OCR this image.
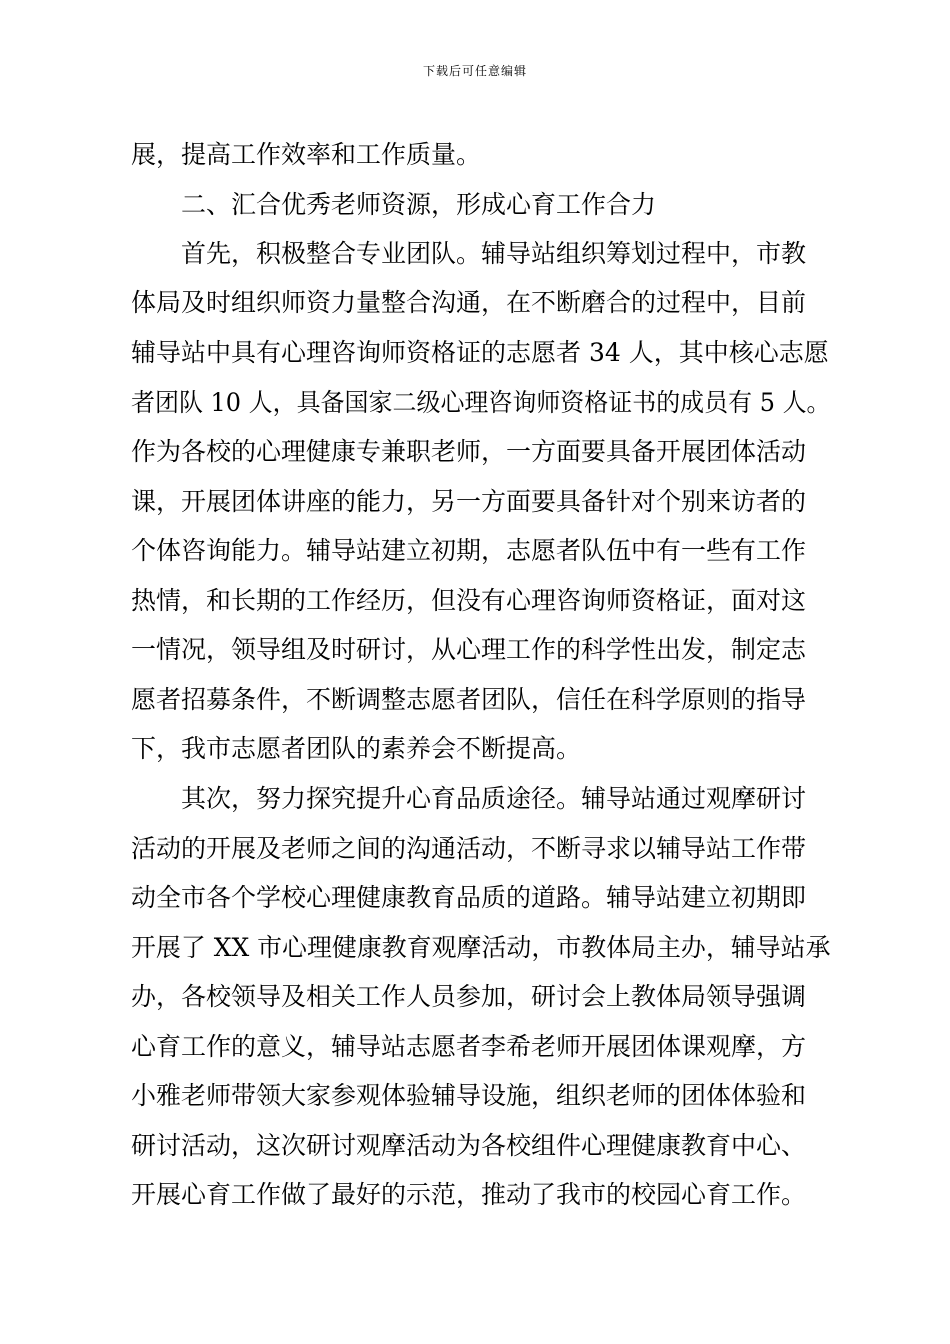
下载后可任意编辑
展，提高工作效率和工作质量。
　　二、汇合优秀老师资源，形成心育工作合力
　　首先，积极整合专业团队。辅导站组织筹划过程中，市教
体局及时组织师资力量整合沟通，在不断磨合的过程中，目前
辅导站中具有心理咨询师资格证的志愿者 34 人，其中核心志愿
者团队 10 人，具备国家二级心理咨询师资格证书的成员有 5 人。
作为各校的心理健康专兼职老师，一方面要具备开展团体活动
课，开展团体讲座的能力，另一方面要具备针对个别来访者的
个体咨询能力。辅导站建立初期，志愿者队伍中有一些有工作
热情，和长期的工作经历，但没有心理咨询师资格证，面对这
一情况，领导组及时研讨，从心理工作的科学性出发，制定志
愿者招募条件，不断调整志愿者团队，信任在科学原则的指导
下，我市志愿者团队的素养会不断提高。
　　其次，努力探究提升心育品质途径。辅导站通过观摩研讨
活动的开展及老师之间的沟通活动，不断寻求以辅导站工作带
动全市各个学校心理健康教育品质的道路。辅导站建立初期即
开展了 XX 市心理健康教育观摩活动，市教体局主办，辅导站承
办，各校领导及相关工作人员参加，研讨会上教体局领导强调
心育工作的意义，辅导站志愿者李希老师开展团体课观摩，方
小雅老师带领大家参观体验辅导设施，组织老师的团体体验和
研讨活动，这次研讨观摩活动为各校组件心理健康教育中心、
开展心育工作做了最好的示范，推动了我市的校园心育工作。
